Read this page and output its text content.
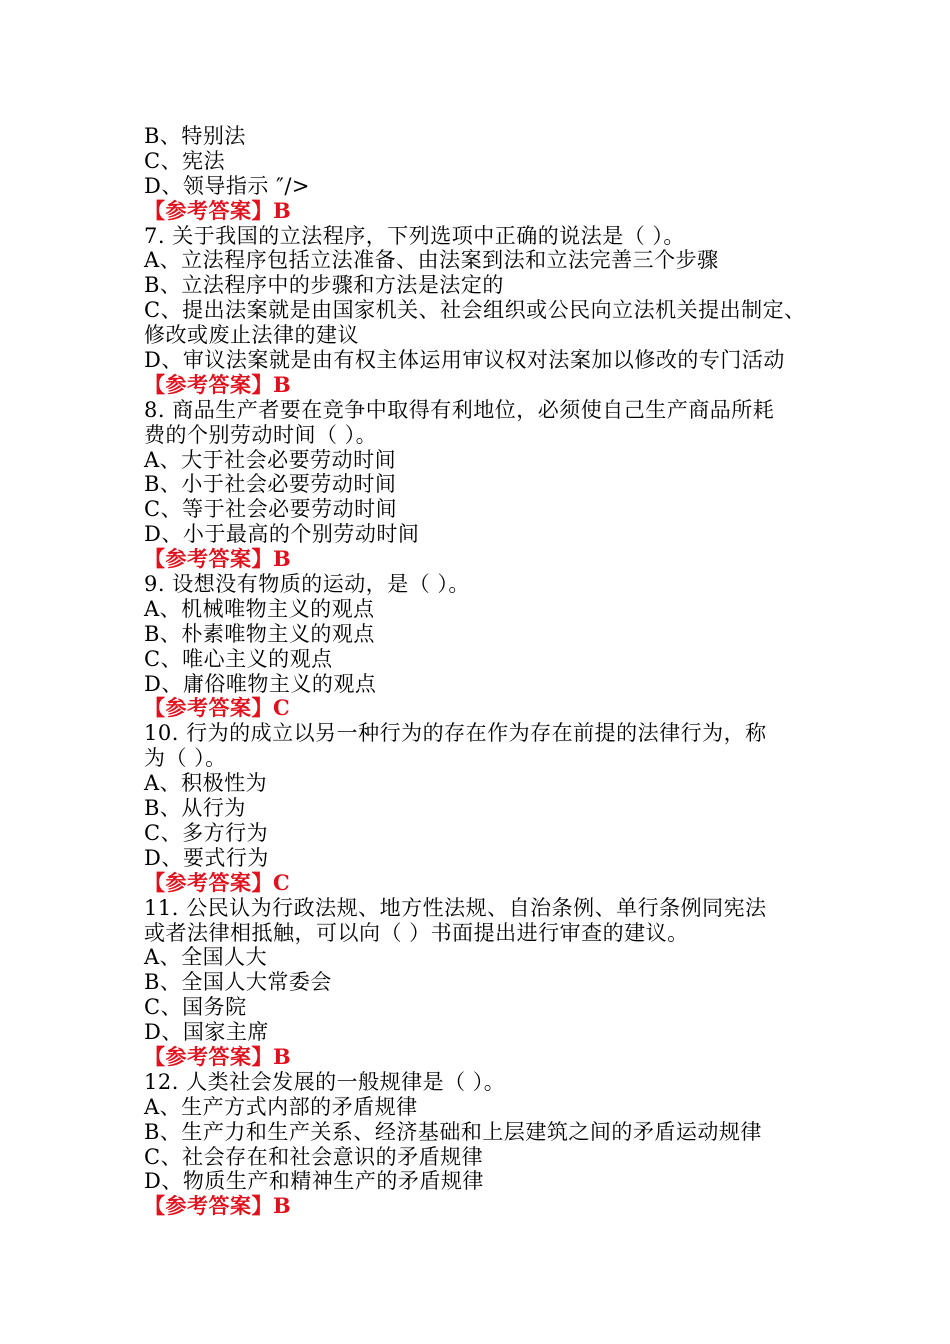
B、特别法
C、宪法
D、领导指示 ″/>
【参考答案】B
7. 关于我国的立法程序，下列选项中正确的说法是（ ）。
A、立法程序包括立法准备、由法案到法和立法完善三个步骤
B、立法程序中的步骤和方法是法定的
C、提出法案就是由国家机关、社会组织或公民向立法机关提出制定、
修改或废止法律的建议
D、审议法案就是由有权主体运用审议权对法案加以修改的专门活动
【参考答案】B
8. 商品生产者要在竞争中取得有利地位，必须使自己生产商品所耗
费的个别劳动时间（ ）。
A、大于社会必要劳动时间
B、小于社会必要劳动时间
C、等于社会必要劳动时间
D、小于最高的个别劳动时间
【参考答案】B
9. 设想没有物质的运动，是（ ）。
A、机械唯物主义的观点
B、朴素唯物主义的观点
C、唯心主义的观点
D、庸俗唯物主义的观点
【参考答案】C
10. 行为的成立以另一种行为的存在作为存在前提的法律行为，称
为（ ）。
A、积极性为
B、从行为
C、多方行为
D、要式行为
【参考答案】C
11. 公民认为行政法规、地方性法规、自治条例、单行条例同宪法
或者法律相抵触，可以向（ ）书面提出进行审查的建议。
A、全国人大
B、全国人大常委会
C、国务院
D、国家主席
【参考答案】B
12. 人类社会发展的一般规律是（ ）。
A、生产方式内部的矛盾规律
B、生产力和生产关系、经济基础和上层建筑之间的矛盾运动规律
C、社会存在和社会意识的矛盾规律
D、物质生产和精神生产的矛盾规律
【参考答案】B
